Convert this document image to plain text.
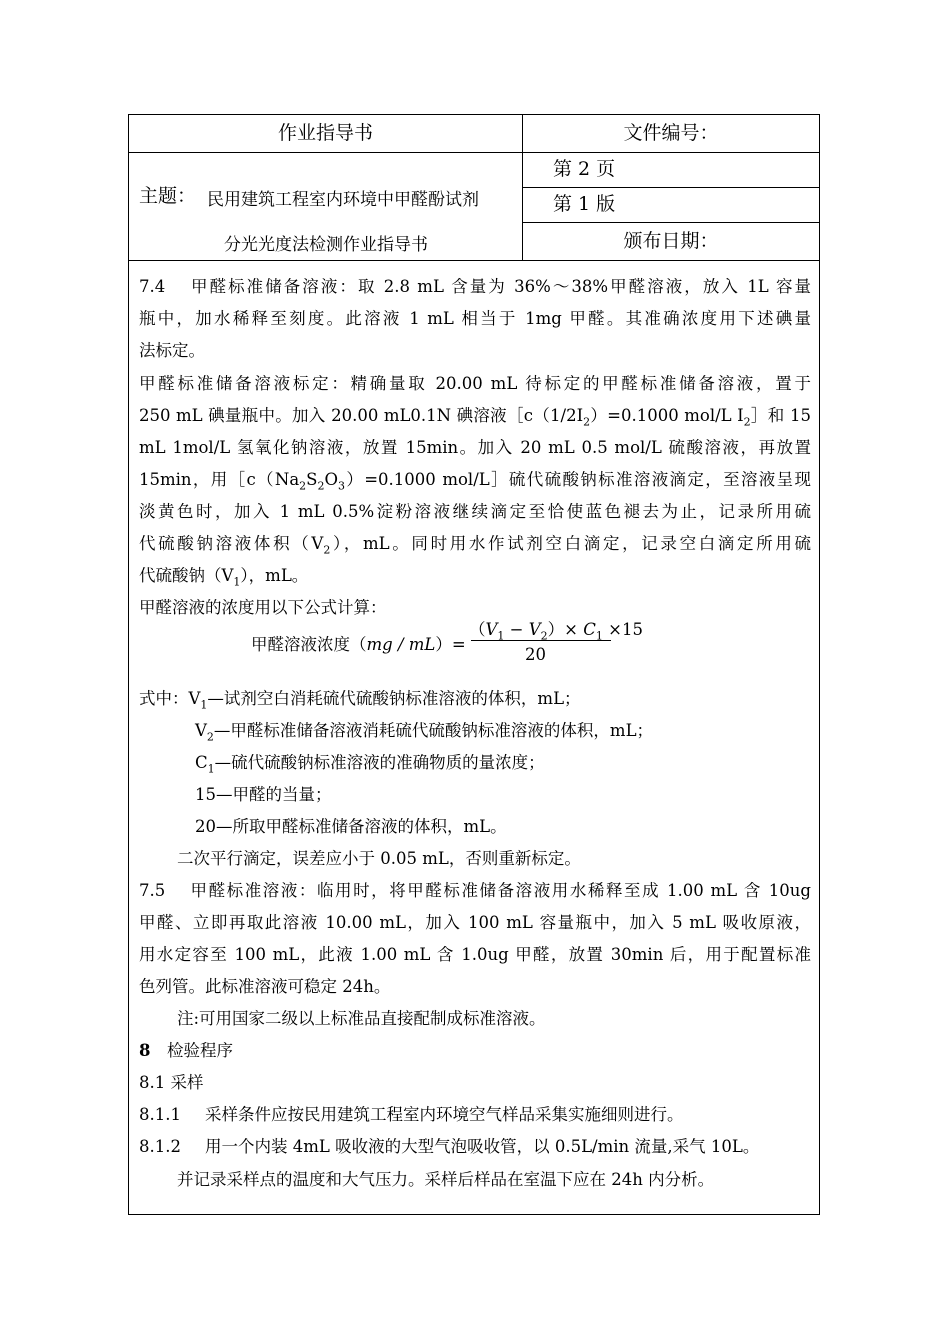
作业指导书	文件编号：
主题： 民用建筑工程室内环境中甲醛酚试剂
分光光度法检测作业指导书
第 2 页
第 1 版
颁布日期：
7.4 甲醛标准储备溶液：取 2.8 mL 含量为 36%～38%甲醛溶液，放入 1L 容量
瓶中，加水稀释至刻度。此溶液 1 mL 相当于 1mg 甲醛。其准确浓度用下述碘量
法标定。
甲醛标准储备溶液标定：精确量取 20.00 mL 待标定的甲醛标准储备溶液，置于
250 mL 碘量瓶中。加入 20.00 mL0.1N 碘溶液$[c(1/2I_2)=0.1000$ mol/L $I_2]$和 15
mL 1mol/L 氢氧化钠溶液，放置 15min。加入 20 mL 0.5 mol/L 硫酸溶液，再放置
15min，用$[c(Na_2S_2O_3)=0.1000$ mol/L］硫代硫酸钠标准溶液滴定，至溶液呈现
淡黄色时，加入 1 mL 0.5%淀粉溶液继续滴定至恰使蓝色褪去为止，记录所用硫
代硫酸钠溶液体积$(V_2)$，mL。同时用水作试剂空白滴定，记录空白滴定所用硫
代硫酸钠$(V_1)$，mL。
甲醛溶液的浓度用以下公式计算：
甲醛溶液浓度（mg / mL）=
$(V_1 - V_2)\times C_1 \times 15$
20
式中：$V_1—$试剂空白消耗硫代硫酸钠标准溶液的体积，mL；
$V_2—$甲醛标准储备溶液消耗硫代硫酸钠标准溶液的体积，mL；
$C_1—$硫代硫酸钠标准溶液的准确物质的量浓度；
15—甲醛的当量；
20—所取甲醛标准储备溶液的体积，mL。
二次平行滴定，误差应小于 0.05 mL，否则重新标定。
7.5 甲醛标准溶液：临用时，将甲醛标准储备溶液用水稀释至成 1.00 mL 含 10ug
甲醛、立即再取此溶液 10.00 mL，加入 100 mL 容量瓶中，加入 5 mL 吸收原液，
用水定容至 100 mL，此液 1.00 mL 含 1.0ug 甲醛，放置 30min 后，用于配置标准
色列管。此标准溶液可稳定 24h。
注:可用国家二级以上标准品直接配制成标准溶液。
8 检验程序
8.1 采样
8.1.1 采样条件应按民用建筑工程室内环境空气样品采集实施细则进行。
8.1.2 用一个内装 4mL 吸收液的大型气泡吸收管，以 0.5L/min 流量,采气 10L。
并记录采样点的温度和大气压力。采样后样品在室温下应在 24h 内分析。
